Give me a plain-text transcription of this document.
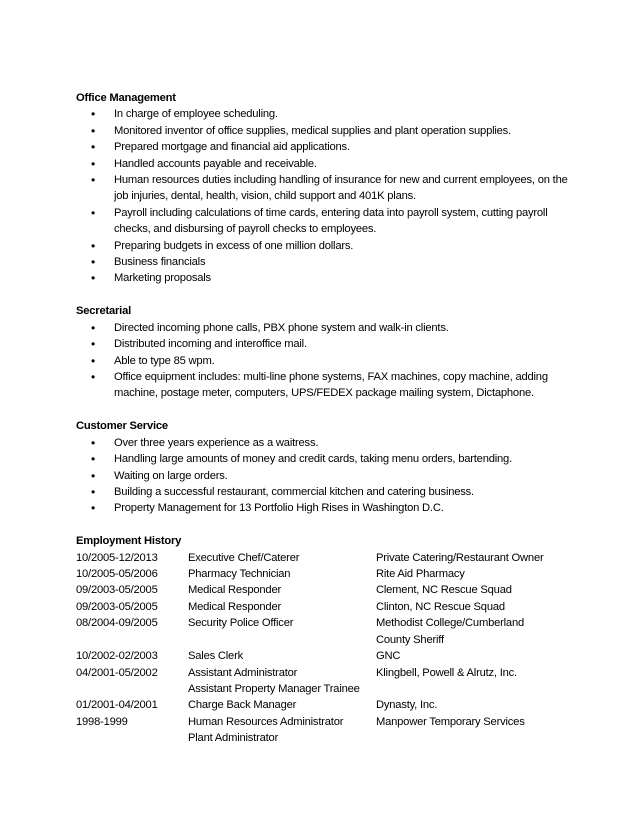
Office Management

• In charge of employee scheduling.
• Monitored inventor of office supplies, medical supplies and plant operation supplies.
• Prepared mortgage and financial aid applications.
• Handled accounts payable and receivable.
• Human resources duties including handling of insurance for new and current employees, on the job injuries, dental, health, vision, child support and 401K plans.
• Payroll including calculations of time cards, entering data into payroll system, cutting payroll checks, and disbursing of payroll checks to employees.
• Preparing budgets in excess of one million dollars.
• Business financials
• Marketing proposals

Secretarial

• Directed incoming phone calls, PBX phone system and walk-in clients.
• Distributed incoming and interoffice mail.
• Able to type 85 wpm.
• Office equipment includes: multi-line phone systems, FAX machines, copy machine, adding machine, postage meter, computers, UPS/FEDEX package mailing system, Dictaphone.

Customer Service

• Over three years experience as a waitress.
• Handling large amounts of money and credit cards, taking menu orders, bartending.
• Waiting on large orders.
• Building a successful restaurant, commercial kitchen and catering business.
• Property Management for 13 Portfolio High Rises in Washington D.C.

Employment History

10/2005-12/2013	Executive Chef/Caterer	Private Catering/Restaurant Owner
10/2005-05/2006	Pharmacy Technician	Rite Aid Pharmacy
09/2003-05/2005	Medical Responder	Clement, NC Rescue Squad
09/2003-05/2005	Medical Responder	Clinton, NC Rescue Squad
08/2004-09/2005	Security Police Officer	Methodist College/Cumberland
		County Sheriff
10/2002-02/2003	Sales Clerk	GNC
04/2001-05/2002	Assistant Administrator	Klingbell, Powell & Alrutz, Inc.
	Assistant Property Manager Trainee	
01/2001-04/2001	Charge Back Manager	Dynasty, Inc.
1998-1999	Human Resources Administrator	Manpower Temporary Services
	Plant Administrator	
